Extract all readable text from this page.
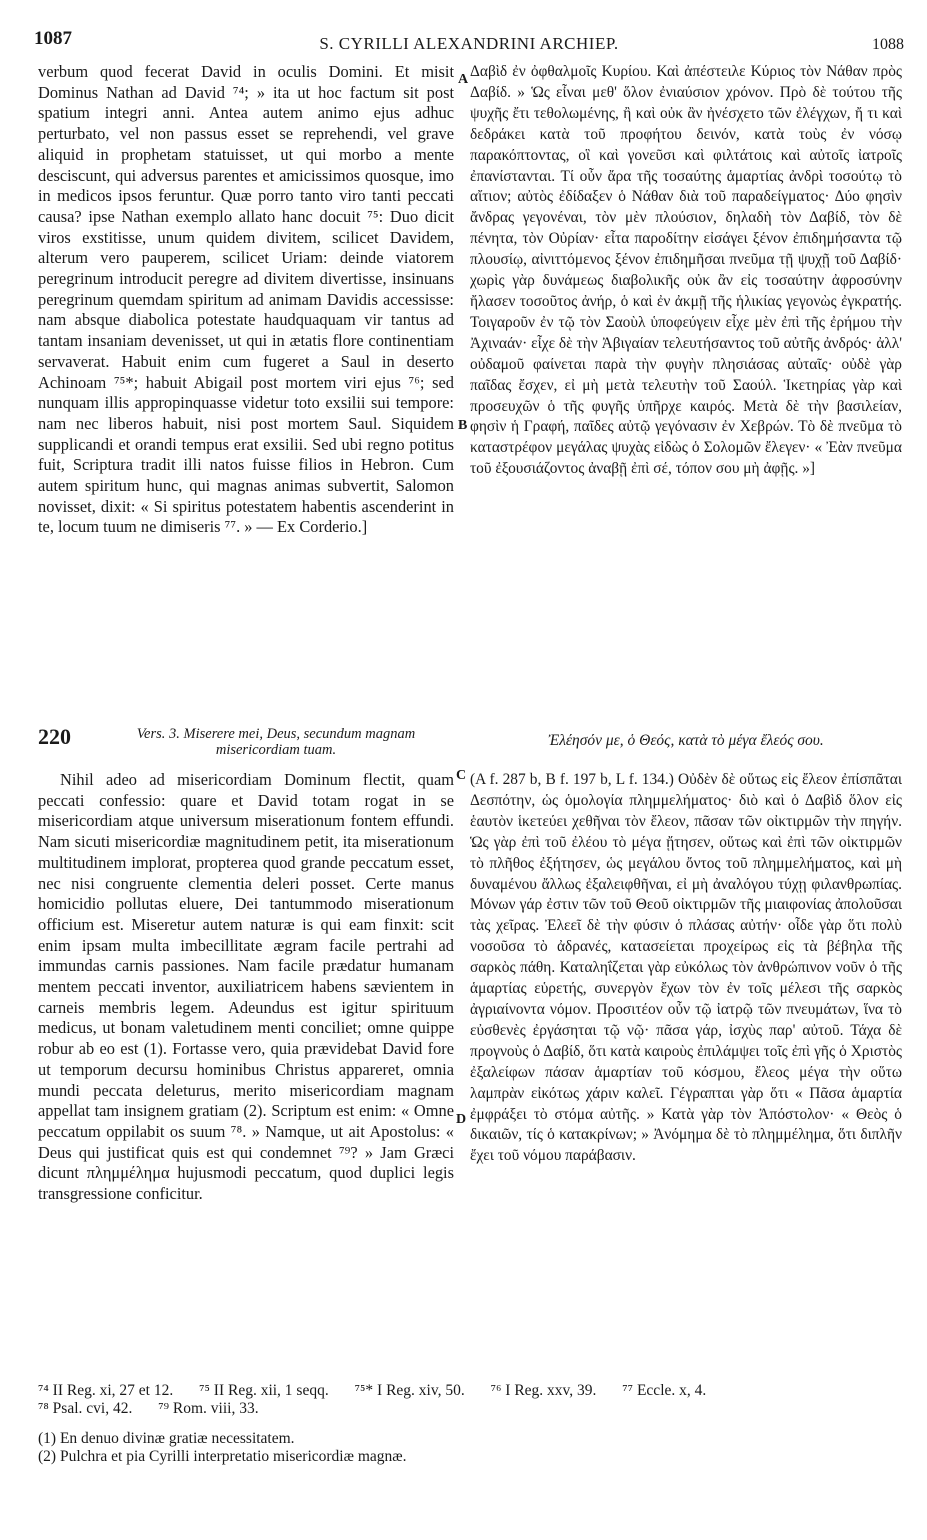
1087	S. CYRILLI ALEXANDRINI ARCHIEP.	1088
verbum quod fecerat David in oculis Domini. Et misit Dominus Nathan ad David ⁷⁴; » ita ut hoc factum sit post spatium integri anni. Antea autem animo ejus adhuc perturbato, vel non passus esset se reprehendi, vel grave aliquid in prophetam statuisset, ut qui morbo a mente desciscunt, qui adversus parentes et amicissimos quosque, imo in medicos ipsos feruntur. Quæ porro tanto viro tanti peccati causa? ipse Nathan exemplo allato hanc docuit ⁷⁵: Duo dicit viros exstitisse, unum quidem divitem, scilicet Davidem, alterum vero pauperem, scilicet Uriam: deinde viatorem peregrinum introducit peregre ad divitem divertisse, insinuans peregrinum quemdam spiritum ad animam Davidis accessisse: nam absque diabolica potestate haudquaquam vir tantus ad tantam insaniam devenisset, ut qui in ætatis flore continentiam servaverat. Habuit enim cum fugeret a Saul in deserto Achinoam ⁷⁵*; habuit Abigail post mortem viri ejus ⁷⁶; sed nunquam illis appropinquasse videtur toto exsilii sui tempore: nam nec liberos habuit, nisi post mortem Saul. Siquidem supplicandi et orandi tempus erat exsilii. Sed ubi regno potitus fuit, Scriptura tradit illi natos fuisse filios in Hebron. Cum autem spiritum hunc, qui magnas animas subvertit, Salomon novisset, dixit: « Si spiritus potestatem habentis ascenderint in te, locum tuum ne dimiseris ⁷⁷. » — Ex Corderio.]
220	Vers. 3. Miserere mei, Deus, secundum magnam misericordiam tuam.
Nihil adeo ad misericordiam Dominum flectit, quam peccati confessio: quare et David totam rogat in se misericordiam atque universum miserationum fontem effundi. Nam sicuti misericordiæ magnitudinem petit, ita miserationum multitudinem implorat, propterea quod grande peccatum esset, nec nisi congruente clementia deleri posset. Certe manus homicidio pollutas eluere, Dei tantummodo miserationum officium est. Miseretur autem naturæ is qui eam finxit: scit enim ipsam multa imbecillitate ægram facile pertrahi ad immundas carnis passiones. Nam facile prædatur humanam mentem peccati inventor, auxiliatricem habens sævientem in carneis membris legem. Adeundus est igitur spirituum medicus, ut bonam valetudinem menti conciliet; omne quippe robur ab eo est (1). Fortasse vero, quia prævidebat David fore ut temporum decursu hominibus Christus appareret, omnia mundi peccata deleturus, merito misericordiam magnam appellat tam insignem gratiam (2). Scriptum est enim: « Omne peccatum oppilabit os suum ⁷⁸. » Namque, ut ait Apostolus: « Deus qui justificat quis est qui condemnet ⁷⁹? » Jam Græci dicunt πλημμέλημα hujusmodi peccatum, quod duplici legis transgressione conficitur.
Δαβὶδ ἐν ὀφθαλμοῖς Κυρίου. Καὶ ἀπέστειλε Κύριος τὸν Νάθαν πρὸς Δαβίδ. » Ὡς εἶναι μεθ' ὅλον ἐνιαύσιον χρόνον. Πρὸ δὲ τούτου τῆς ψυχῆς ἔτι τεθολωμένης, ἢ καὶ οὐκ ἂν ἠνέσχετο τῶν ἐλέγχων, ἤ τι καὶ δεδράκει κατὰ τοῦ προφήτου δεινόν, κατὰ τοὺς ἐν νόσῳ παρακόπτοντας, οἳ καὶ γονεῦσι καὶ φιλτάτοις καὶ αὐτοῖς ἰατροῖς ἐπανίστανται. Τί οὖν ἄρα τῆς τοσαύτης ἁμαρτίας ἀνδρὶ τοσούτῳ τὸ αἴτιον; αὐτὸς ἐδίδαξεν ὁ Νάθαν διὰ τοῦ παραδείγματος· Δύο φησὶν ἄνδρας γεγονέναι, τὸν μὲν πλούσιον, δηλαδὴ τὸν Δαβίδ, τὸν δὲ πένητα, τὸν Οὐρίαν· εἶτα παροδίτην εἰσάγει ξένον ἐπιδημήσαντα τῷ πλουσίῳ, αἰνιττόμενος ξένον ἐπιδημῆσαι πνεῦμα τῇ ψυχῇ τοῦ Δαβίδ· χωρὶς γὰρ δυνάμεως διαβολικῆς οὐκ ἂν εἰς τοσαύτην ἀφροσύνην ἤλασεν τοσοῦτος ἀνήρ, ὁ καὶ ἐν ἀκμῇ τῆς ἡλικίας γεγονὼς ἐγκρατής. Τοιγαροῦν ἐν τῷ τὸν Σαοὺλ ὑποφεύγειν εἶχε μὲν ἐπὶ τῆς ἐρήμου τὴν Ἀχιναάν· εἶχε δὲ τὴν Ἀβιγαίαν τελευτήσαντος τοῦ αὐτῆς ἀνδρός· ἀλλ' οὐδαμοῦ φαίνεται παρὰ τὴν φυγὴν πλησιάσας αὐταῖς· οὐδὲ γὰρ παῖδας ἔσχεν, εἰ μὴ μετὰ τελευτὴν τοῦ Σαούλ. Ἱκετηρίας γὰρ καὶ προσευχῶν ὁ τῆς φυγῆς ὑπῆρχε καιρός. Μετὰ δὲ τὴν βασιλείαν, φησὶν ἡ Γραφή, παῖδες αὐτῷ γεγόνασιν ἐν Χεβρών. Τὸ δὲ πνεῦμα τὸ καταστρέφον μεγάλας ψυχὰς εἰδὼς ὁ Σολομῶν ἔλεγεν· « Ἐὰν πνεῦμα τοῦ ἐξουσιάζοντος ἀναβῇ ἐπὶ σέ, τόπον σου μὴ ἀφῇς. »]
Ἐλέησόν με, ὁ Θεός, κατὰ τὸ μέγα ἔλεός σου.
(A f. 287 b, B f. 197 b, L f. 134.) Οὐδὲν δὲ οὕτως εἰς ἔλεον ἐπίσπᾶται Δεσπότην, ὡς ὁμολογία πλημμελήματος· διὸ καὶ ὁ Δαβὶδ ὅλον εἰς ἑαυτὸν ἱκετεύει χεθῆναι τὸν ἔλεον, πᾶσαν τῶν οἰκτιρμῶν τὴν πηγήν. Ὡς γὰρ ἐπὶ τοῦ ἐλέου τὸ μέγα ᾔτησεν, οὕτως καὶ ἐπὶ τῶν οἰκτιρμῶν τὸ πλῆθος ἐξήτησεν, ὡς μεγάλου ὄντος τοῦ πλημμελήματος, καὶ μὴ δυναμένου ἄλλως ἐξαλειφθῆναι, εἰ μὴ ἀναλόγου τύχῃ φιλανθρωπίας. Μόνων γάρ ἐστιν τῶν τοῦ Θεοῦ οἰκτιρμῶν τῆς μιαιφονίας ἀπολοῦσαι τὰς χεῖρας. Ἐλεεῖ δὲ τὴν φύσιν ὁ πλάσας αὐτήν· οἶδε γὰρ ὅτι πολὺ νοσοῦσα τὸ ἀδρανές, κατασείεται προχείρως εἰς τὰ βέβηλα τῆς σαρκὸς πάθη. Καταληΐζεται γὰρ εὐκόλως τὸν ἀνθρώπινον νοῦν ὁ τῆς ἁμαρτίας εὑρετής, συνεργὸν ἔχων τὸν ἐν τοῖς μέλεσι τῆς σαρκὸς ἀγριαίνοντα νόμον. Προσιτέον οὖν τῷ ἰατρῷ τῶν πνευμάτων, ἵνα τὸ εὐσθενὲς ἐργάσηται τῷ νῷ· πᾶσα γάρ, ἰσχὺς παρ' αὐτοῦ. Τάχα δὲ προγνοὺς ὁ Δαβίδ, ὅτι κατὰ καιροὺς ἐπιλάμψει τοῖς ἐπὶ γῆς ὁ Χριστὸς ἐξαλείφων πάσαν ἁμαρτίαν τοῦ κόσμου, ἔλεος μέγα τὴν οὕτω λαμπρὰν εἰκότως χάριν καλεῖ. Γέγραπται γὰρ ὅτι « Πᾶσα ἁμαρτία ἐμφράξει τὸ στόμα αὐτῆς. » Κατὰ γὰρ τὸν Ἀπόστολον· « Θεὸς ὁ δικαιῶν, τίς ὁ κατακρίνων; » Ἀνόμημα δὲ τὸ πλημμέλημα, ὅτι διπλῆν ἔχει τοῦ νόμου παράβασιν.
A
B
C
D
⁷⁴ II Reg. xi, 27 et 12. ⁷⁵ II Reg. xii, 1 seqq. ⁷⁵* I Reg. xiv, 50. ⁷⁶ I Reg. xxv, 39. ⁷⁷ Eccle. x, 4.
⁷⁸ Psal. cvi, 42. ⁷⁹ Rom. viii, 33.
(1) En denuo divinæ gratiæ necessitatem.
(2) Pulchra et pia Cyrilli interpretatio misericordiæ magnæ.
